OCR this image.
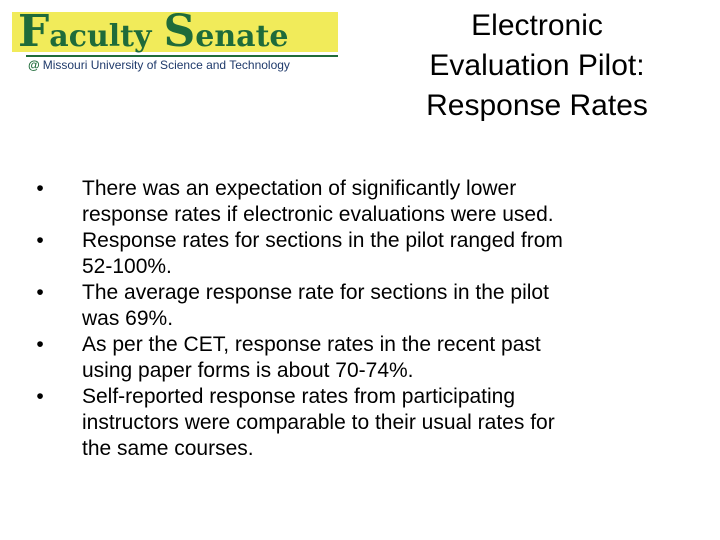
Faculty Senate
@ Missouri University of Science and Technology
Electronic
Evaluation Pilot:
Response Rates
•	There was an expectation of significantly lower
response rates if electronic evaluations were used.
•	Response rates for sections in the pilot ranged from
52-100%.
•	The average response rate for sections in the pilot
was 69%.
•	As per the CET, response rates in the recent past
using paper forms is about 70-74%.
•	Self-reported response rates from participating
instructors were comparable to their usual rates for
the same courses.
